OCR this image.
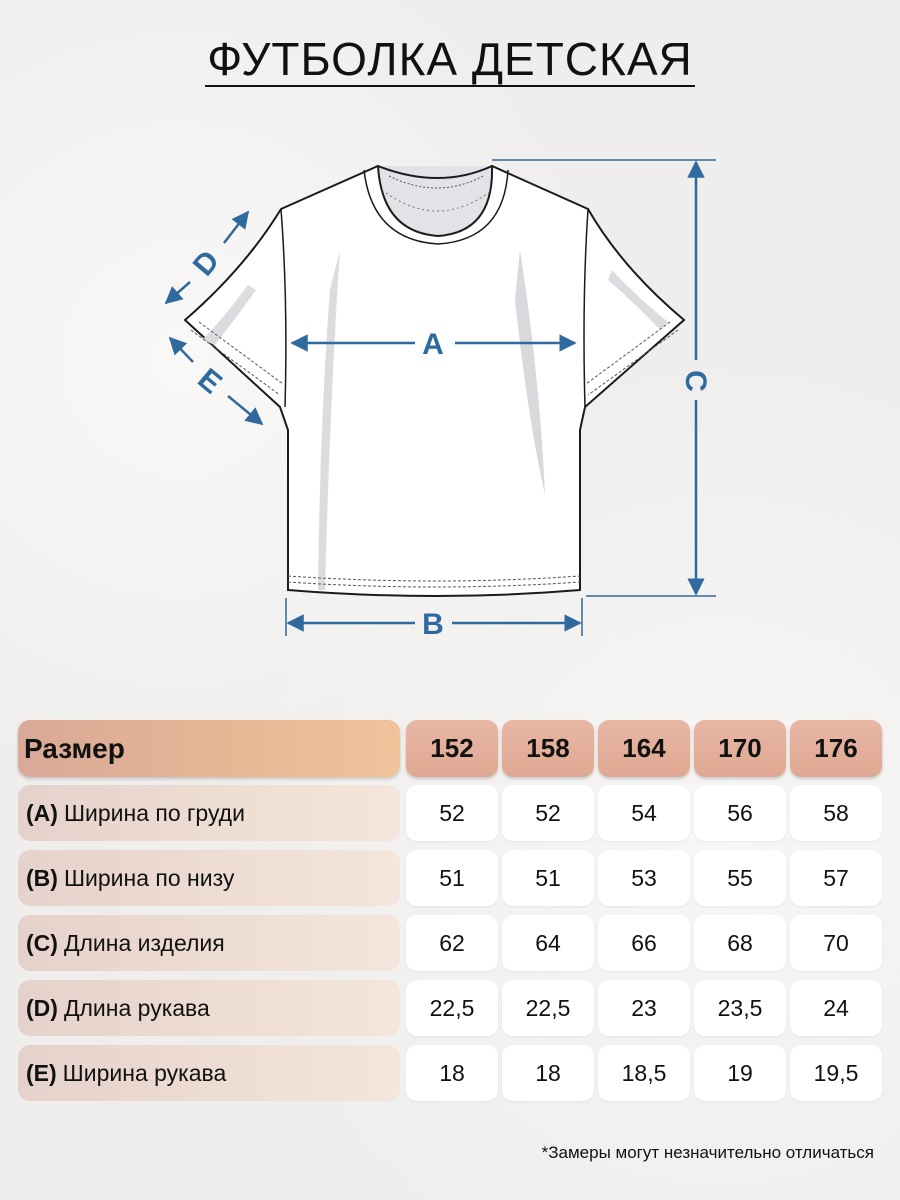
ФУТБОЛКА ДЕТСКАЯ
A
B
C
D
E
Размер	152	158	164	170	176
(A) Ширина по груди	52	52	54	56	58
(B) Ширина по низу	51	51	53	55	57
(C) Длина изделия	62	64	66	68	70
(D) Длина рукава	22,5	22,5	23	23,5	24
(E) Ширина рукава	18	18	18,5	19	19,5
*Замеры могут незначительно отличаться
